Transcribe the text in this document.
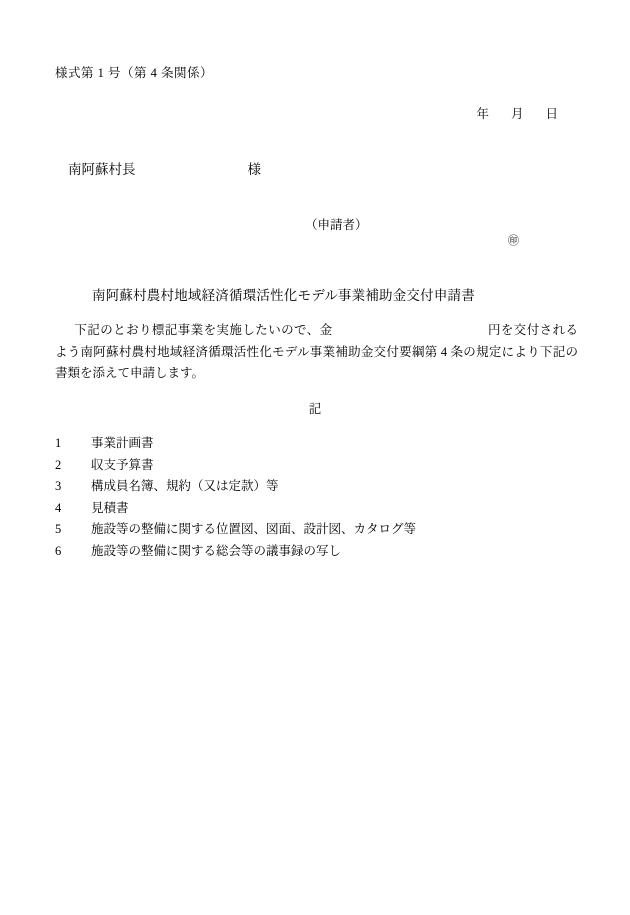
様式第 1 号（第 4 条関係）
年 月 日
南阿蘇村長	様
（申請者）
㊞
南阿蘇村農村地域経済循環活性化モデル事業補助金交付申請書
下記のとおり標記事業を実施したいので、金	円を交付されるよう南阿蘇村農村地域経済循環活性化モデル事業補助金交付要綱第 4 条の規定により下記の書類を添えて申請します。
記
1 事業計画書
2 収支予算書
3 構成員名簿、規約（又は定款）等
4 見積書
5 施設等の整備に関する位置図、図面、設計図、カタログ等
6 施設等の整備に関する総会等の議事録の写し
